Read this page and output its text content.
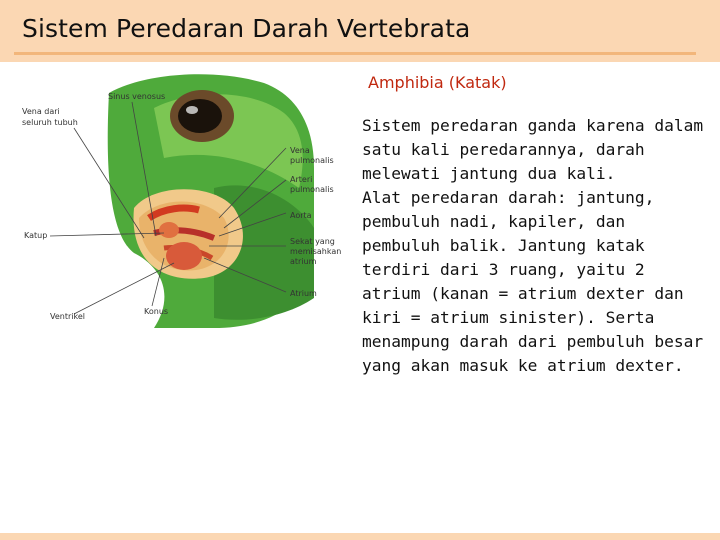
Sistem Peredaran Darah Vertebrata
Amphibia (Katak)

Sistem peredaran ganda karena dalam satu kali peredarannya, darah melewati jantung dua kali.

Alat peredaran darah: jantung, pembuluh nadi, kapiler, dan pembuluh balik. Jantung katak terdiri dari 3 ruang, yaitu 2 atrium (kanan = atrium dexter dan kiri = atrium sinister). Serta menampung darah dari pembuluh besar yang akan masuk ke atrium dexter.

Vena dari
seluruh tubuh
Sinus venosus
Vena
pulmonalis
Arteri
pulmonalis
Aorta
Katup
Sekat yang
memisahkan
atrium
Atrium
Ventrikel
Konus
